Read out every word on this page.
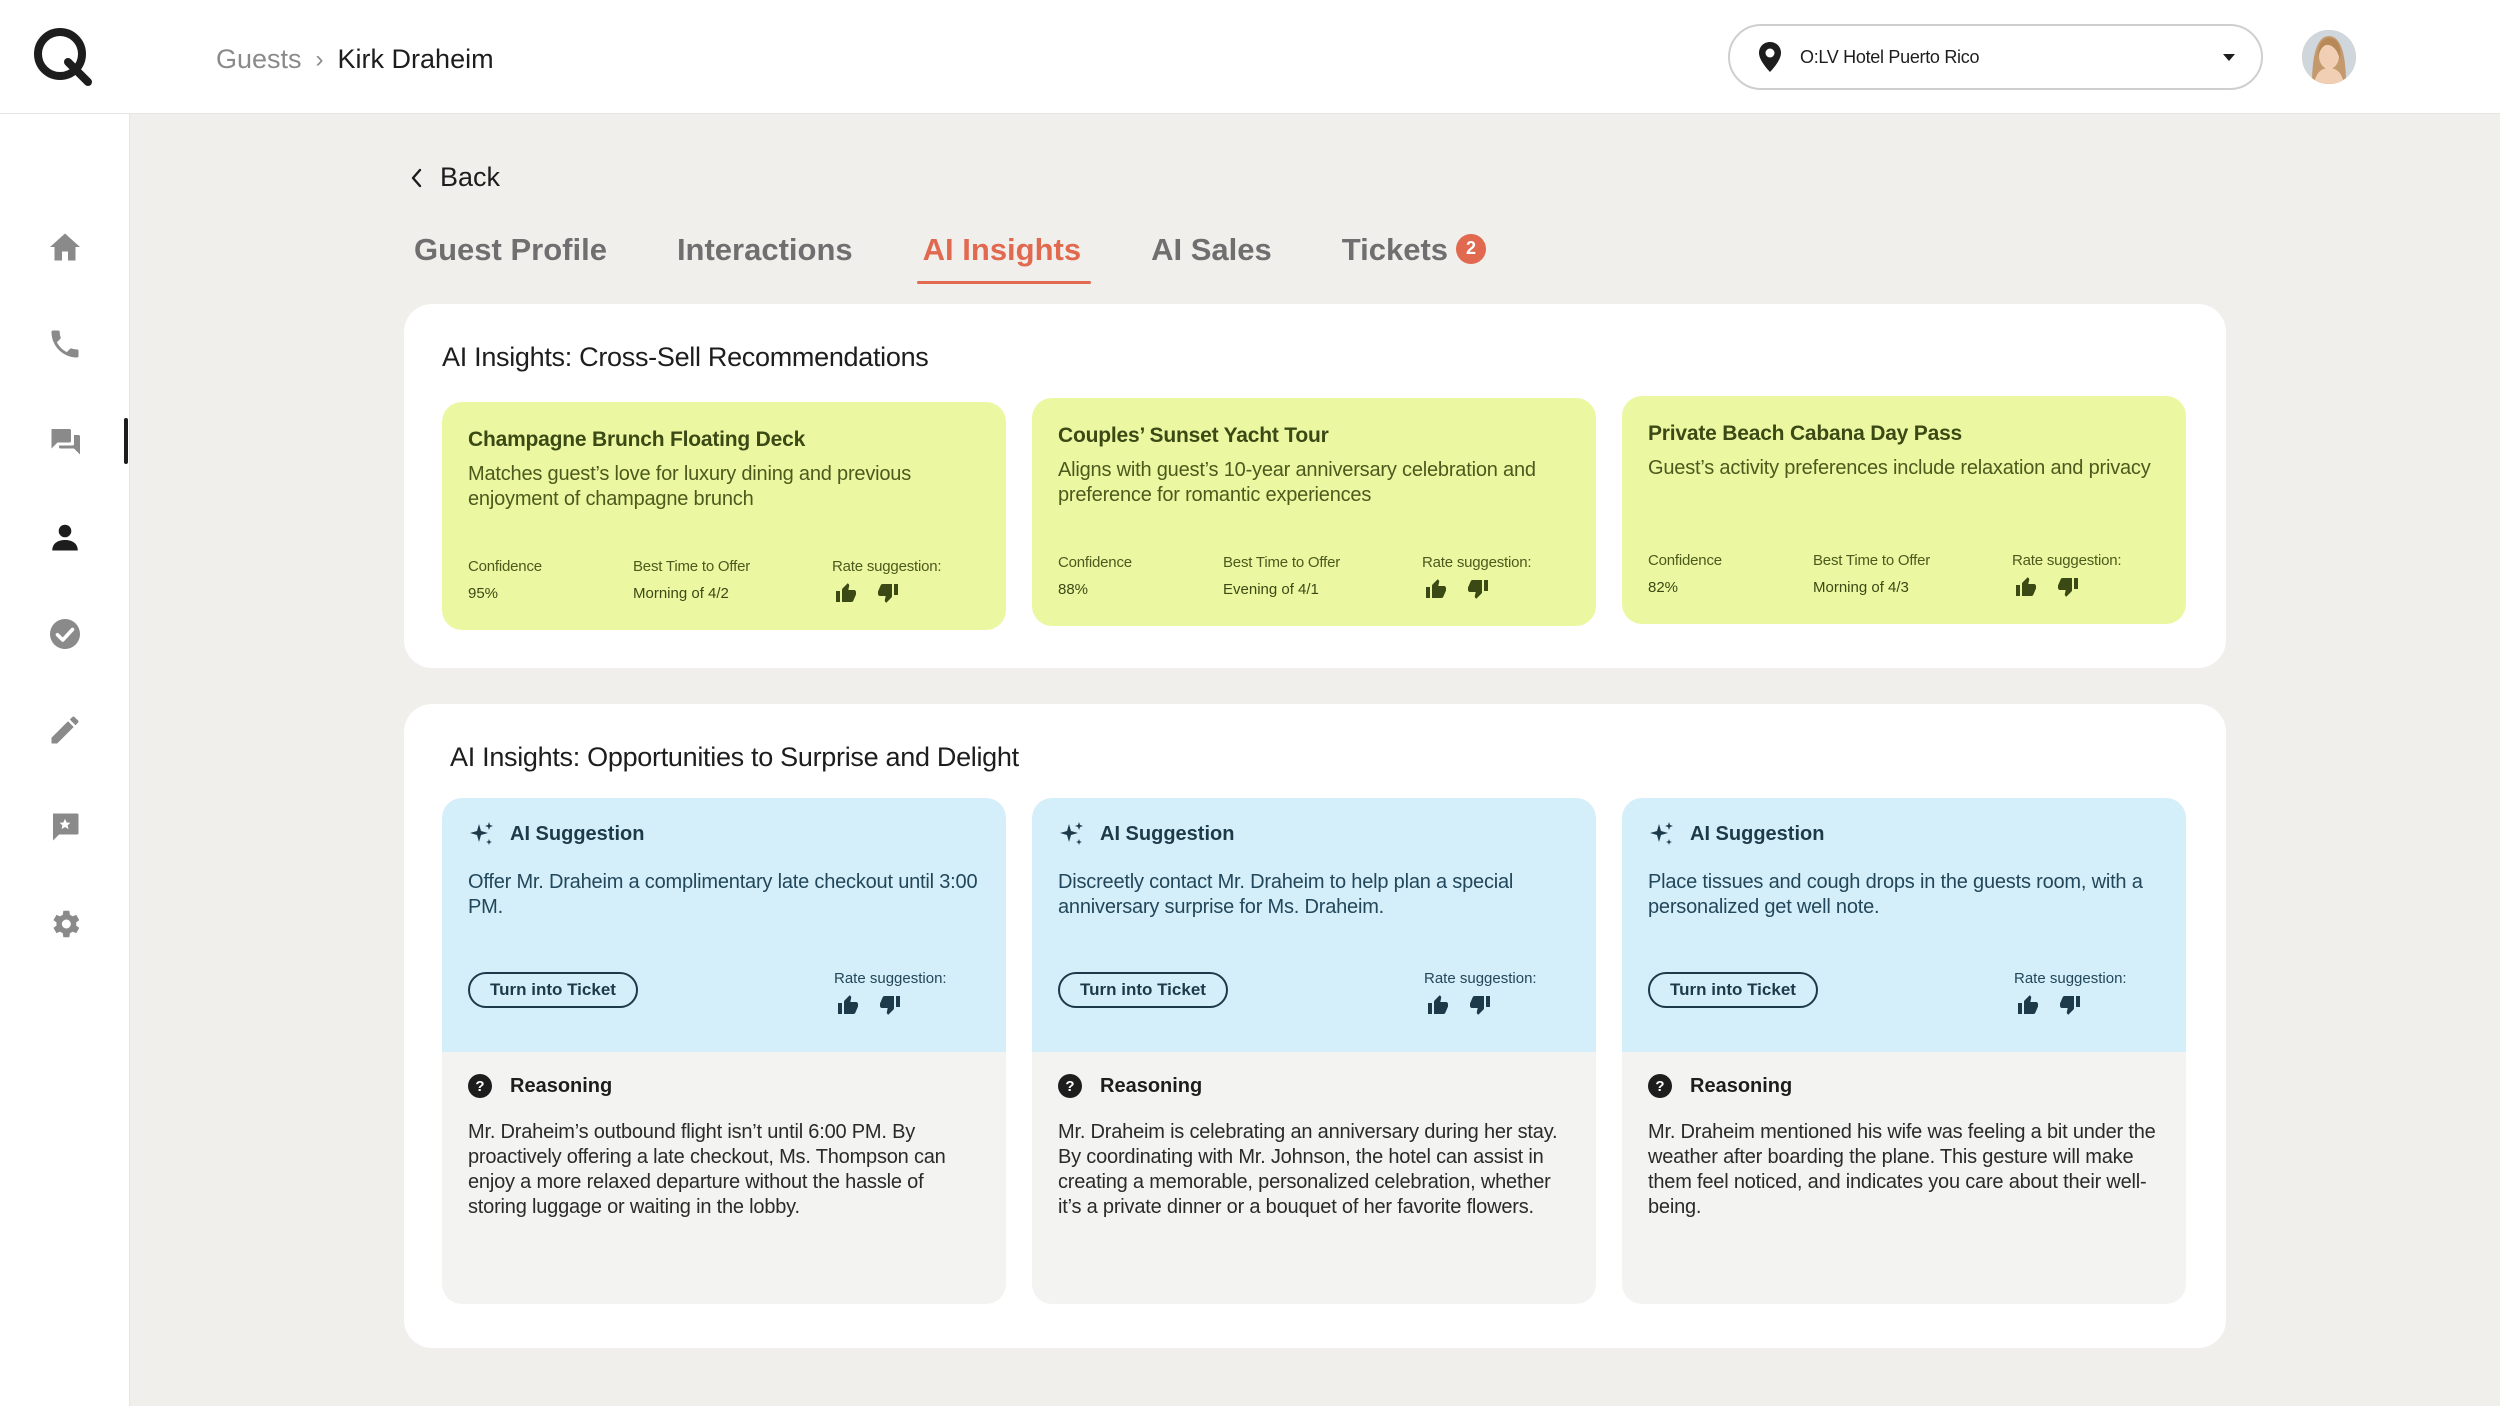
Guests › Kirk Draheim	O:LV Hotel Puerto Rico
Back
Guest Profile Interactions AI Insights AI Sales Tickets 2
AI Insights: Cross-Sell Recommendations
Champagne Brunch Floating Deck
Matches guest’s love for luxury dining and previous enjoyment of champagne brunch
Confidence
95%
Best Time to Offer
Morning of 4/2
Rate suggestion:
Couples’ Sunset Yacht Tour
Aligns with guest’s 10-year anniversary celebration and preference for romantic experiences
Confidence
88%
Best Time to Offer
Evening of 4/1
Rate suggestion:
Private Beach Cabana Day Pass
Guest’s activity preferences include relaxation and privacy
Confidence
82%
Best Time to Offer
Morning of 4/3
Rate suggestion:
AI Insights: Opportunities to Surprise and Delight
AI Suggestion
Offer Mr. Draheim a complimentary late checkout until 3:00 PM.
Turn into Ticket
Rate suggestion:
?	Reasoning
Mr. Draheim’s outbound flight isn’t until 6:00 PM. By proactively offering a late checkout, Ms. Thompson can enjoy a more relaxed departure without the hassle of storing luggage or waiting in the lobby.
AI Suggestion
Discreetly contact Mr. Draheim to help plan a special anniversary surprise for Ms. Draheim.
Turn into Ticket
Rate suggestion:
?	Reasoning
Mr. Draheim is celebrating an anniversary during her stay. By coordinating with Mr. Johnson, the hotel can assist in creating a memorable, personalized celebration, whether it’s a private dinner or a bouquet of her favorite flowers.
AI Suggestion
Place tissues and cough drops in the guests room, with a personalized get well note.
Turn into Ticket
Rate suggestion:
?	Reasoning
Mr. Draheim mentioned his wife was feeling a bit under the weather after boarding the plane. This gesture will make them feel noticed, and indicates you care about their well-being.
